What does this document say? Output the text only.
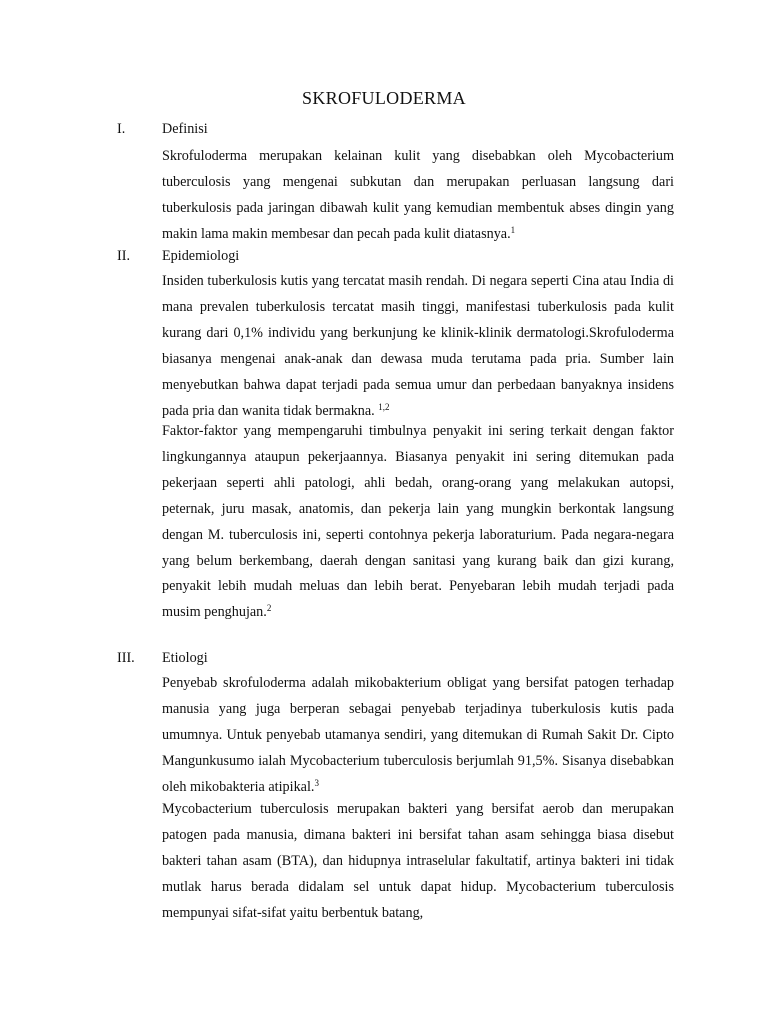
SKROFULODERMA
I.	Definisi

Skrofuloderma merupakan kelainan kulit yang disebabkan oleh Mycobacterium tuberculosis yang mengenai subkutan dan merupakan perluasan langsung dari tuberkulosis pada jaringan dibawah kulit yang kemudian membentuk abses dingin yang makin lama makin membesar dan pecah pada kulit diatasnya.$^1$

II. Epidemiologi

Insiden tuberkulosis kutis yang tercatat masih rendah. Di negara seperti Cina atau India di mana prevalen tuberkulosis tercatat masih tinggi, manifestasi tuberkulosis pada kulit kurang dari 0,1% individu yang berkunjung ke klinik-klinik dermatologi.Skrofuloderma biasanya mengenai anak-anak dan dewasa muda terutama pada pria. Sumber lain menyebutkan bahwa dapat terjadi pada semua umur dan perbedaan banyaknya insidens pada pria dan wanita tidak bermakna. $^{1,2}$

Faktor-faktor yang mempengaruhi timbulnya penyakit ini sering terkait dengan faktor lingkungannya ataupun pekerjaannya. Biasanya penyakit ini sering ditemukan pada pekerjaan seperti ahli patologi, ahli bedah, orang-orang yang melakukan autopsi, peternak, juru masak, anatomis, dan pekerja lain yang mungkin berkontak langsung dengan M. tuberculosis ini, seperti contohnya pekerja laboraturium. Pada negara-negara yang belum berkembang, daerah dengan sanitasi yang kurang baik dan gizi kurang, penyakit lebih mudah meluas dan lebih berat. Penyebaran lebih mudah terjadi pada musim penghujan.$^2$

III. Etiologi

Penyebab skrofuloderma adalah mikobakterium obligat yang bersifat patogen terhadap manusia yang juga berperan sebagai penyebab terjadinya tuberkulosis kutis pada umumnya. Untuk penyebab utamanya sendiri, yang ditemukan di Rumah Sakit Dr. Cipto Mangunkusumo ialah Mycobacterium tuberculosis berjumlah 91,5%. Sisanya disebabkan oleh mikobakteria atipikal.$^3$

Mycobacterium tuberculosis merupakan bakteri yang bersifat aerob dan merupakan patogen pada manusia, dimana bakteri ini bersifat tahan asam sehingga biasa disebut bakteri tahan asam (BTA), dan hidupnya intraselular fakultatif, artinya bakteri ini tidak mutlak harus berada didalam sel untuk dapat hidup. Mycobacterium tuberculosis mempunyai sifat-sifat yaitu berbentuk batang,
